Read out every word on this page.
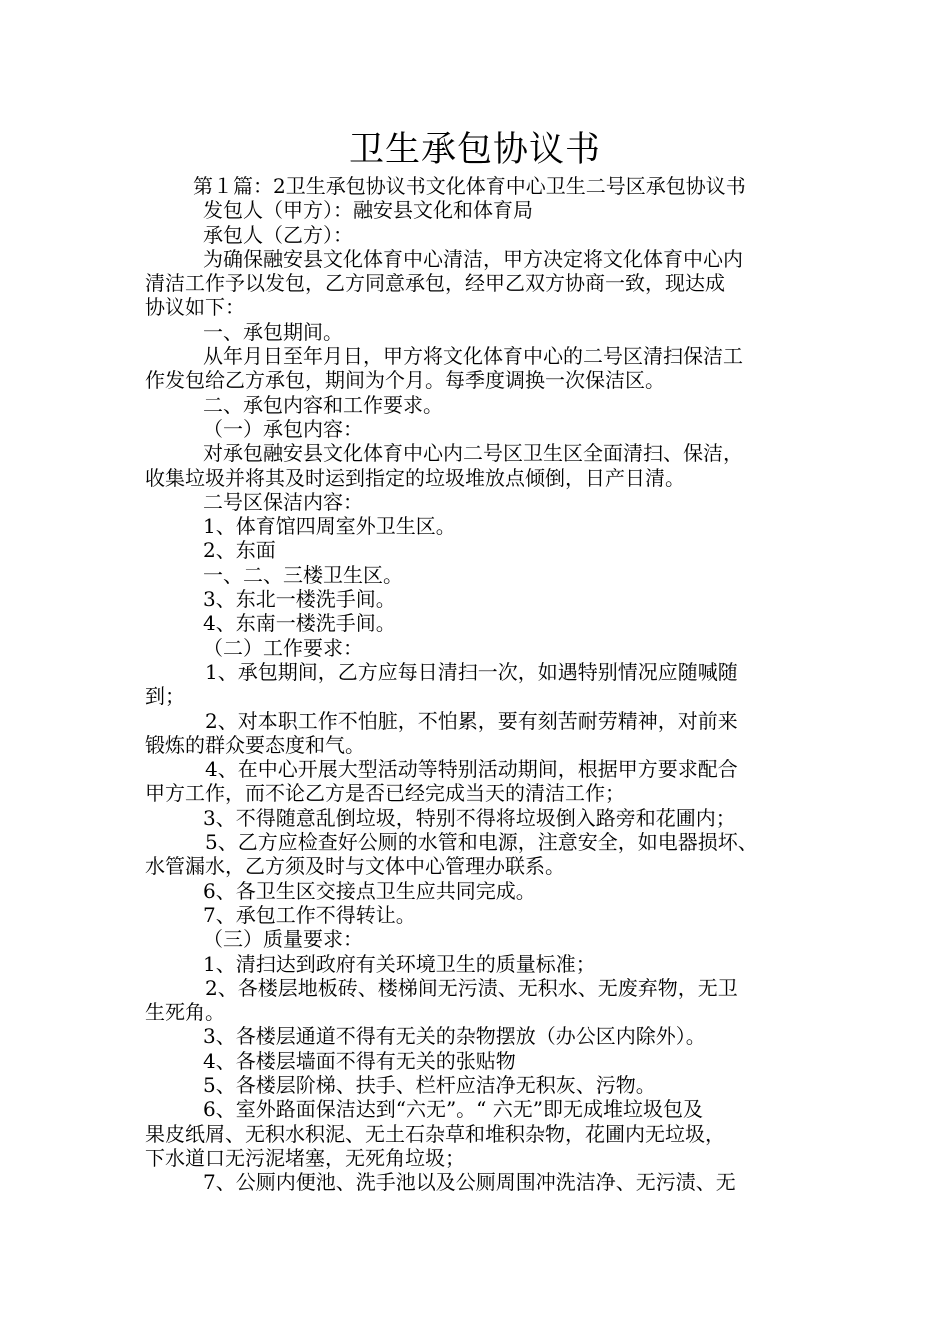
卫生承包协议书
第１篇：2卫生承包协议书文化体育中心卫生二号区承包协议书
发包人（甲方）：融安县文化和体育局
承包人（乙方）：
为确保融安县文化体育中心清洁，甲方决定将文化体育中心内
清洁工作予以发包，乙方同意承包，经甲乙双方协商一致，现达成
协议如下：
一、承包期间。
从年月日至年月日，甲方将文化体育中心的二号区清扫保洁工
作发包给乙方承包，期间为个月。每季度调换一次保洁区。
二、承包内容和工作要求。
（一）承包内容：
对承包融安县文化体育中心内二号区卫生区全面清扫、保洁，
收集垃圾并将其及时运到指定的垃圾堆放点倾倒，日产日清。
二号区保洁内容：
1、体育馆四周室外卫生区。
2、东面
一、二、三楼卫生区。
3、东北一楼洗手间。
4、东南一楼洗手间。
（二）工作要求：
1、承包期间，乙方应每日清扫一次，如遇特别情况应随喊随
到；
2、对本职工作不怕脏，不怕累，要有刻苦耐劳精神，对前来
锻炼的群众要态度和气。
4、在中心开展大型活动等特别活动期间，根据甲方要求配合
甲方工作，而不论乙方是否已经完成当天的清洁工作；
3、不得随意乱倒垃圾，特别不得将垃圾倒入路旁和花圃内；
5、乙方应检查好公厕的水管和电源，注意安全，如电器损坏、
水管漏水，乙方须及时与文体中心管理办联系。
6、各卫生区交接点卫生应共同完成。
7、承包工作不得转让。
（三）质量要求：
1、清扫达到政府有关环境卫生的质量标准；
2、各楼层地板砖、楼梯间无污渍、无积水、无废弃物，无卫
生死角。
3、各楼层通道不得有无关的杂物摆放（办公区内除外）。
4、各楼层墙面不得有无关的张贴物
5、各楼层阶梯、扶手、栏杆应洁净无积灰、污物。
6、室外路面保洁达到“六无”。“ 六无”即无成堆垃圾包及
果皮纸屑、无积水积泥、无土石杂草和堆积杂物，花圃内无垃圾，
下水道口无污泥堵塞，无死角垃圾；
7、公厕内便池、洗手池以及公厕周围冲洗洁净、无污渍、无
